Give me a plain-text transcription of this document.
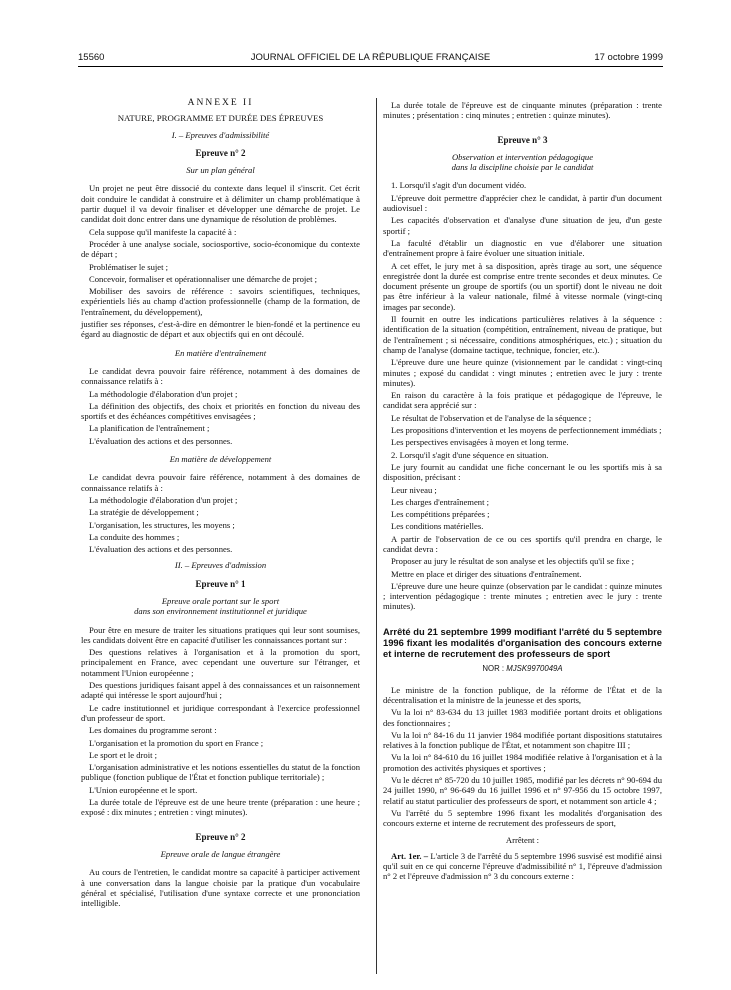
15560	JOURNAL OFFICIEL DE LA RÉPUBLIQUE FRANÇAISE	17 octobre 1999

ANNEXE II

NATURE, PROGRAMME ET DURÉE DES ÉPREUVES

I. – Epreuves d'admissibilité

Epreuve n° 2

Sur un plan général

Un projet ne peut être dissocié du contexte dans lequel il s'inscrit. Cet écrit doit conduire le candidat à construire et à délimiter un champ problématique à partir duquel il va devoir finaliser et développer une démarche de projet. Le candidat doit donc entrer dans une dynamique de résolution de problèmes.

Cela suppose qu'il manifeste la capacité à :

Procéder à une analyse sociale, sociosportive, socio-économique du contexte de départ ;

Problématiser le sujet ;

Concevoir, formaliser et opérationnaliser une démarche de projet ;

Mobiliser des savoirs de référence : savoirs scientifiques, techniques, expérientiels liés au champ d'action professionnelle (champ de la formation, de l'entraînement, du développement),

justifier ses réponses, c'est-à-dire en démontrer le bien-fondé et la pertinence eu égard au diagnostic de départ et aux objectifs qui en ont découlé.

En matière d'entraînement

Le candidat devra pouvoir faire référence, notamment à des domaines de connaissance relatifs à :

La méthodologie d'élaboration d'un projet ;

La définition des objectifs, des choix et priorités en fonction du niveau des sportifs et des échéances compétitives envisagées ;

La planification de l'entraînement ;

L'évaluation des actions et des personnes.

En matière de développement

Le candidat devra pouvoir faire référence, notamment à des domaines de connaissance relatifs à :

La méthodologie d'élaboration d'un projet ;

La stratégie de développement ;

L'organisation, les structures, les moyens ;

La conduite des hommes ;

L'évaluation des actions et des personnes.

II. – Epreuves d'admission

Epreuve n° 1

Epreuve orale portant sur le sport
dans son environnement institutionnel et juridique

Pour être en mesure de traiter les situations pratiques qui leur sont soumises, les candidats doivent être en capacité d'utiliser les connaissances portant sur :

Des questions relatives à l'organisation et à la promotion du sport, principalement en France, avec cependant une ouverture sur l'étranger, et notamment l'Union européenne ;

Des questions juridiques faisant appel à des connaissances et un raisonnement adapté qui intéresse le sport aujourd'hui ;

Le cadre institutionnel et juridique correspondant à l'exercice professionnel d'un professeur de sport.

Les domaines du programme seront :

L'organisation et la promotion du sport en France ;

Le sport et le droit ;

L'organisation administrative et les notions essentielles du statut de la fonction publique (fonction publique de l'État et fonction publique territoriale) ;

L'Union européenne et le sport.

La durée totale de l'épreuve est de une heure trente (préparation : une heure ; exposé : dix minutes ; entretien : vingt minutes).

Epreuve n° 2

Epreuve orale de langue étrangère

Au cours de l'entretien, le candidat montre sa capacité à participer activement à une conversation dans la langue choisie par la pratique d'un vocabulaire général et spécialisé, l'utilisation d'une syntaxe correcte et une prononciation intelligible.

La durée totale de l'épreuve est de cinquante minutes (préparation : trente minutes ; présentation : cinq minutes ; entretien : quinze minutes).

Epreuve n° 3

Observation et intervention pédagogique
dans la discipline choisie par le candidat

1. Lorsqu'il s'agit d'un document vidéo.

L'épreuve doit permettre d'apprécier chez le candidat, à partir d'un document audiovisuel :

Les capacités d'observation et d'analyse d'une situation de jeu, d'un geste sportif ;

La faculté d'établir un diagnostic en vue d'élaborer une situation d'entraînement propre à faire évoluer une situation initiale.

A cet effet, le jury met à sa disposition, après tirage au sort, une séquence enregistrée dont la durée est comprise entre trente secondes et deux minutes. Ce document présente un groupe de sportifs (ou un sportif) dont le niveau ne doit pas être inférieur à la valeur nationale, filmé à vitesse normale (vingt-cinq images par seconde).

Il fournit en outre les indications particulières relatives à la séquence : identification de la situation (compétition, entraînement, niveau de pratique, but de l'entraînement ; si nécessaire, conditions atmosphériques, etc.) ; situation du champ de l'analyse (domaine tactique, technique, foncier, etc.).

L'épreuve dure une heure quinze (visionnement par le candidat : vingt-cinq minutes ; exposé du candidat : vingt minutes ; entretien avec le jury : trente minutes).

En raison du caractère à la fois pratique et pédagogique de l'épreuve, le candidat sera apprécié sur :

Le résultat de l'observation et de l'analyse de la séquence ;

Les propositions d'intervention et les moyens de perfectionnement immédiats ;

Les perspectives envisagées à moyen et long terme.

2. Lorsqu'il s'agit d'une séquence en situation.

Le jury fournit au candidat une fiche concernant le ou les sportifs mis à sa disposition, précisant :

Leur niveau ;

Les charges d'entraînement ;

Les compétitions préparées ;

Les conditions matérielles.

A partir de l'observation de ce ou ces sportifs qu'il prendra en charge, le candidat devra :

Proposer au jury le résultat de son analyse et les objectifs qu'il se fixe ;

Mettre en place et diriger des situations d'entraînement.

L'épreuve dure une heure quinze (observation par le candidat : quinze minutes ; intervention pédagogique : trente minutes ; entretien avec le jury : trente minutes).

Arrêté du 21 septembre 1999 modifiant l'arrêté du 5 septembre 1996 fixant les modalités d'organisation des concours externe et interne de recrutement des professeurs de sport

NOR : MJSK9970049A

Le ministre de la fonction publique, de la réforme de l'État et de la décentralisation et la ministre de la jeunesse et des sports,

Vu la loi n° 83-634 du 13 juillet 1983 modifiée portant droits et obligations des fonctionnaires ;

Vu la loi n° 84-16 du 11 janvier 1984 modifiée portant dispositions statutaires relatives à la fonction publique de l'État, et notamment son chapitre III ;

Vu la loi n° 84-610 du 16 juillet 1984 modifiée relative à l'organisation et à la promotion des activités physiques et sportives ;

Vu le décret n° 85-720 du 10 juillet 1985, modifié par les décrets n° 90-694 du 24 juillet 1990, n° 96-649 du 16 juillet 1996 et n° 97-956 du 15 octobre 1997, relatif au statut particulier des professeurs de sport, et notamment son article 4 ;

Vu l'arrêté du 5 septembre 1996 fixant les modalités d'organisation des concours externe et interne de recrutement des professeurs de sport,

Arrêtent :

Art. 1er. – L'article 3 de l'arrêté du 5 septembre 1996 susvisé est modifié ainsi qu'il suit en ce qui concerne l'épreuve d'admissibilité n° 1, l'épreuve d'admission n° 2 et l'épreuve d'admission n° 3 du concours externe :
